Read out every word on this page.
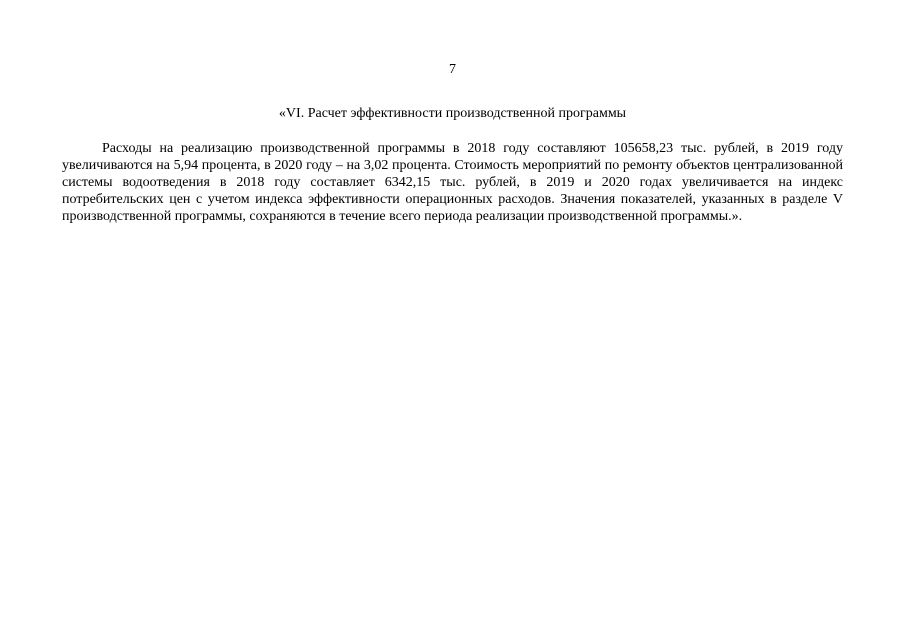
7
«VI. Расчет эффективности производственной программы

Расходы на реализацию производственной программы в 2018 году составляют 105658,23 тыс. рублей, в 2019 году увеличиваются на 5,94 процента, в 2020 году – на 3,02 процента. Стоимость мероприятий по ремонту объектов централизованной системы водоотведения в 2018 году составляет 6342,15 тыс. рублей, в 2019 и 2020 годах увеличивается на индекс потребительских цен с учетом индекса эффективности операционных расходов. Значения показателей, указанных в разделе V производственной программы, сохраняются в течение всего периода реализации производственной программы.».
